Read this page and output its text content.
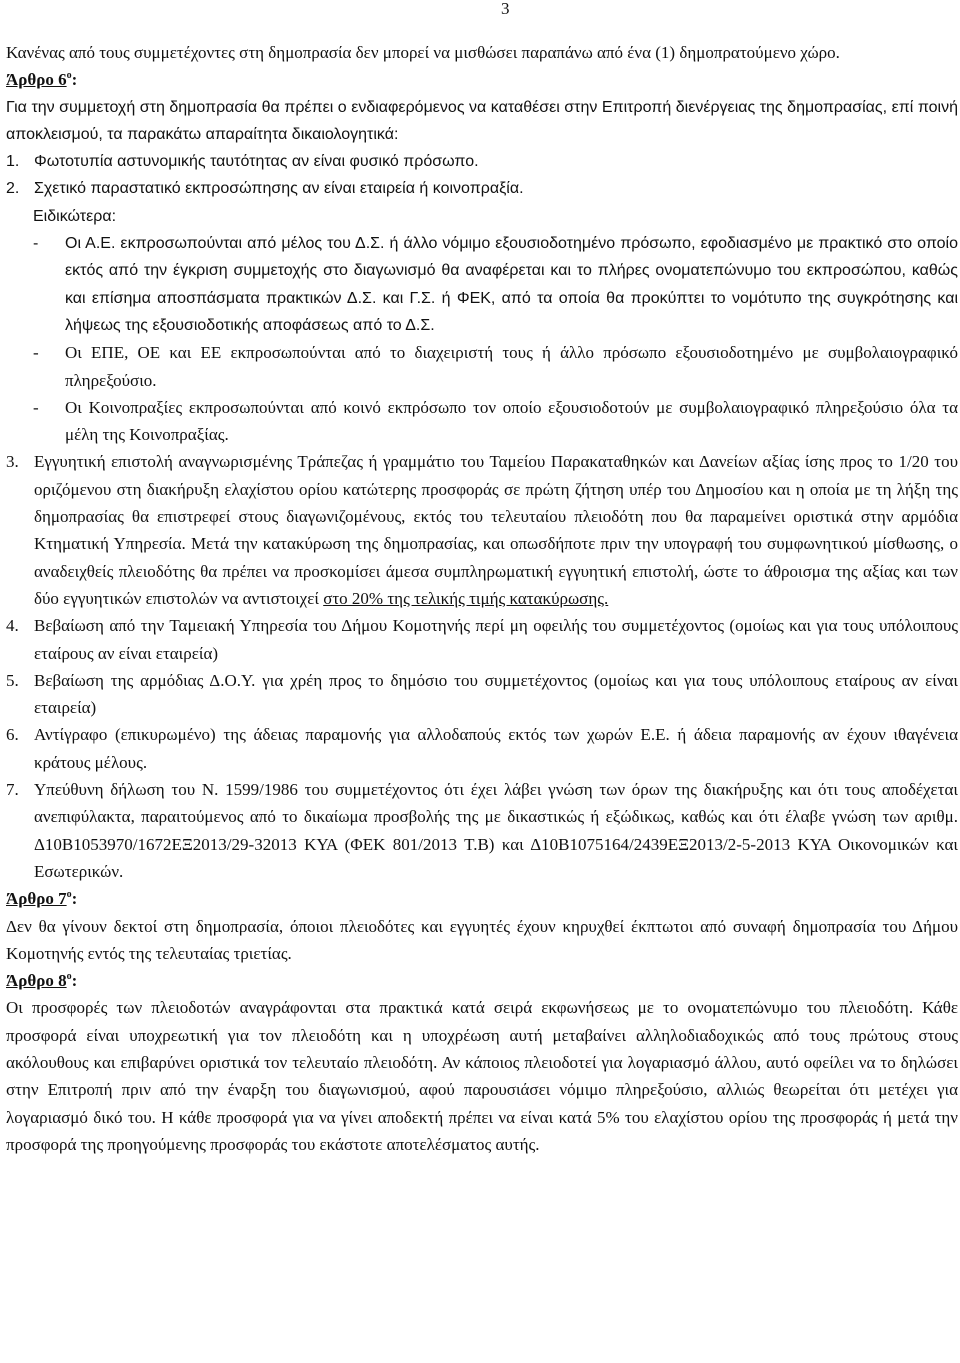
3

Κανένας από τους συμμετέχοντες στη δημοπρασία δεν μπορεί να μισθώσει παραπάνω από ένα (1) δημοπρατούμενο χώρο.

Άρθρο $6^o$:

Για την συμμετοχή στη δημοπρασία θα πρέπει ο ενδιαφερόμενος να καταθέσει στην Επιτροπή διενέργειας της δημοπρασίας, επί ποινή αποκλεισμού, τα παρακάτω απαραίτητα δικαιολογητικά:

1. Φωτοτυπία αστυνομικής ταυτότητας αν είναι φυσικό πρόσωπο.
2. Σχετικό παραστατικό εκπροσώπησης αν είναι εταιρεία ή κοινοπραξία.

Ειδικώτερα:

-	Οι Α.Ε. εκπροσωπούνται από μέλος του Δ.Σ. ή άλλο νόμιμο εξουσιοδοτημένο πρόσωπο, εφοδιασμένο με πρακτικό στο οποίο εκτός από την έγκριση συμμετοχής στο διαγωνισμό θα αναφέρεται και το πλήρες ονοματεπώνυμο του εκπροσώπου, καθώς και επίσημα αποσπάσματα πρακτικών Δ.Σ. και Γ.Σ. ή ΦΕΚ, από τα οποία θα προκύπτει το νομότυπο της συγκρότησης και λήψεως της εξουσιοδοτικής αποφάσεως από το Δ.Σ.
-	Οι ΕΠΕ, ΟΕ και ΕΕ εκπροσωπούνται από το διαχειριστή τους ή άλλο πρόσωπο εξουσιοδοτημένο με συμβολαιογραφικό πληρεξούσιο.
-	Οι Κοινοπραξίες εκπροσωπούνται από κοινό εκπρόσωπο τον οποίο εξουσιοδοτούν με συμβολαιογραφικό πληρεξούσιο όλα τα μέλη της Κοινοπραξίας.
3. Εγγυητική επιστολή αναγνωρισμένης Τράπεζας ή γραμμάτιο του Ταμείου Παρακαταθηκών και Δανείων αξίας ίσης προς το 1/20 του οριζόμενου στη διακήρυξη ελαχίστου ορίου κατώτερης προσφοράς σε πρώτη ζήτηση υπέρ του Δημοσίου και η οποία με τη λήξη της δημοπρασίας θα επιστρεφεί στους διαγωνιζομένους, εκτός του τελευταίου πλειοδότη που θα παραμείνει οριστικά στην αρμόδια Κτηματική Υπηρεσία. Μετά την κατακύρωση της δημοπρασίας, και οπωσδήποτε πριν την υπογραφή του συμφωνητικού μίσθωσης, ο αναδειχθείς πλειοδότης θα πρέπει να προσκομίσει άμεσα συμπληρωματική εγγυητική επιστολή, ώστε το άθροισμα της αξίας και των δύο εγγυητικών επιστολών να αντιστοιχεί στο 20% της τελικής τιμής κατακύρωσης.
4. Βεβαίωση από την Ταμειακή Υπηρεσία του Δήμου Κομοτηνής περί μη οφειλής του συμμετέχοντος (ομοίως και για τους υπόλοιπους εταίρους αν είναι εταιρεία)
5. Βεβαίωση της αρμόδιας Δ.Ο.Υ. για χρέη προς το δημόσιο του συμμετέχοντος (ομοίως και για τους υπόλοιπους εταίρους αν είναι εταιρεία)
6. Αντίγραφο (επικυρωμένο) της άδειας παραμονής για αλλοδαπούς εκτός των χωρών Ε.Ε. ή άδεια παραμονής αν έχουν ιθαγένεια κράτους μέλους.
7. Υπεύθυνη δήλωση του Ν. 1599/1986 του συμμετέχοντος ότι έχει λάβει γνώση των όρων της διακήρυξης και ότι τους αποδέχεται ανεπιφύλακτα, παραιτούμενος από το δικαίωμα προσβολής της με δικαστικώς ή εξώδικως, καθώς και ότι έλαβε γνώση των αριθμ. Δ10Β1053970/1672ΕΞ2013/29-32013 ΚΥΑ (ΦΕΚ 801/2013 Τ.Β) και Δ10Β1075164/2439ΕΞ2013/2-5-2013 ΚΥΑ Οικονομικών και Εσωτερικών.

Άρθρο $7^o$:

Δεν θα γίνουν δεκτοί στη δημοπρασία, όποιοι πλειοδότες και εγγυητές έχουν κηρυχθεί έκπτωτοι από συναφή δημοπρασία του Δήμου Κομοτηνής εντός της τελευταίας τριετίας.

Άρθρο $8^o$:

Οι προσφορές των πλειοδοτών αναγράφονται στα πρακτικά κατά σειρά εκφωνήσεως με το ονοματεπώνυμο του πλειοδότη. Κάθε προσφορά είναι υποχρεωτική για τον πλειοδότη και η υποχρέωση αυτή μεταβαίνει αλληλοδιαδοχικώς από τους πρώτους στους ακόλουθους και επιβαρύνει οριστικά τον τελευταίο πλειοδότη. Αν κάποιος πλειοδοτεί για λογαριασμό άλλου, αυτό οφείλει να το δηλώσει στην Επιτροπή πριν από την έναρξη του διαγωνισμού, αφού παρουσιάσει νόμιμο πληρεξούσιο, αλλιώς θεωρείται ότι μετέχει για λογαριασμό δικό του. Η κάθε προσφορά για να γίνει αποδεκτή πρέπει να είναι κατά 5% του ελαχίστου ορίου της προσφοράς ή μετά την προσφορά της προηγούμενης προσφοράς του εκάστοτε αποτελέσματος αυτής.
